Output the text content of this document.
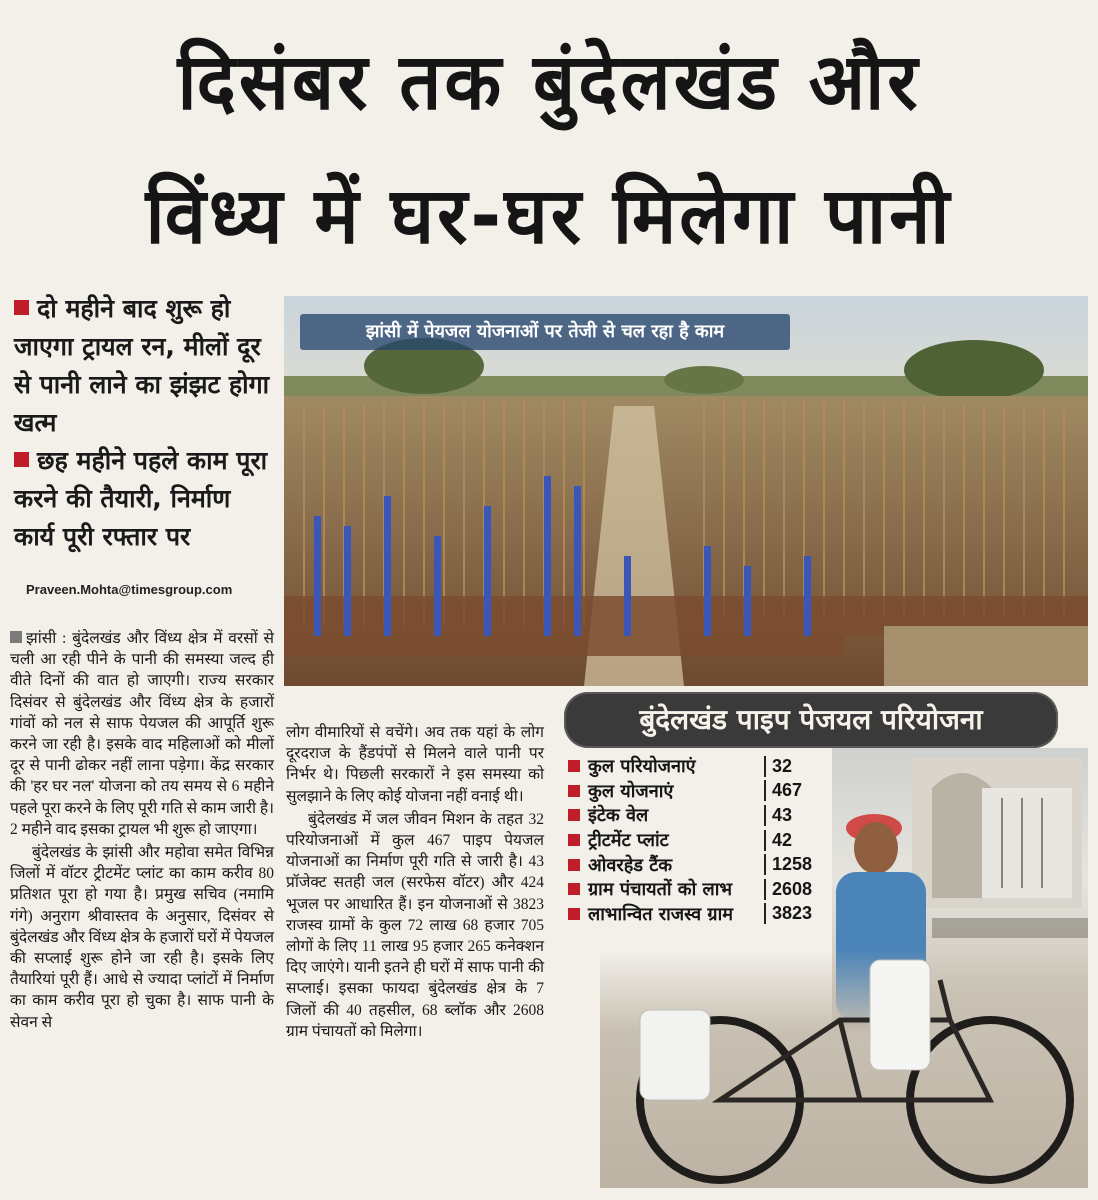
दिसंबर तक बुंदेलखंड और
विंध्य में घर-घर मिलेगा पानी
दो महीने बाद शुरू हो जाएगा ट्रायल रन, मीलों दूर से पानी लाने का झंझट होगा खत्म
छह महीने पहले काम पूरा करने की तैयारी, निर्माण कार्य पूरी रफ्तार पर
Praveen.Mohta@timesgroup.com

झांसी : बुंदेलखंड और विंध्य क्षेत्र में वरसों से चली आ रही पीने के पानी की समस्या जल्द ही वीते दिनों की वात हो जाएगी। राज्य सरकार दिसंवर से बुंदेलखंड और विंध्य क्षेत्र के हजारों गांवों को नल से साफ पेयजल की आपूर्ति शुरू करने जा रही है। इसके वाद महिलाओं को मीलों दूर से पानी ढोकर नहीं लाना पड़ेगा। केंद्र सरकार की 'हर घर नल' योजना को तय समय से 6 महीने पहले पूरा करने के लिए पूरी गति से काम जारी है। 2 महीने वाद इसका ट्रायल भी शुरू हो जाएगा।

बुंदेलखंड के झांसी और महोवा समेत विभिन्न जिलों में वॉटर ट्रीटमेंट प्लांट का काम करीव 80 प्रतिशत पूरा हो गया है। प्रमुख सचिव (नमामि गंगे) अनुराग श्रीवास्तव के अनुसार, दिसंवर से बुंदेलखंड और विंध्य क्षेत्र के हजारों घरों में पेयजल की सप्लाई शुरू होने जा रही है। इसके लिए तैयारियां पूरी हैं। आधे से ज्यादा प्लांटों में निर्माण का काम करीव पूरा हो चुका है। साफ पानी के सेवन से

लोग वीमारियों से वचेंगे। अव तक यहां के लोग दूरदराज के हैंडपंपों से मिलने वाले पानी पर निर्भर थे। पिछली सरकारों ने इस समस्या को सुलझाने के लिए कोई योजना नहीं वनाई थी।

बुंदेलखंड में जल जीवन मिशन के तहत 32 परियोजनाओं में कुल 467 पाइप पेयजल योजनाओं का निर्माण पूरी गति से जारी है। 43 प्रॉजेक्ट सतही जल (सरफेस वॉटर) और 424 भूजल पर आधारित हैं। इन योजनाओं से 3823 राजस्व ग्रामों के कुल 72 लाख 68 हजार 705 लोगों के लिए 11 लाख 95 हजार 265 कनेक्शन दिए जाएंगे। यानी इतने ही घरों में साफ पानी की सप्लाई। इसका फायदा बुंदेलखंड क्षेत्र के 7 जिलों की 40 तहसील, 68 ब्लॉक और 2608 ग्राम पंचायतों को मिलेगा।

झांसी में पेयजल योजनाओं पर तेजी से चल रहा है काम
बुंदेलखंड पाइप पेजयल परियोजना
कुल परियोजनाएं	32
कुल योजनाएं	467
इंटेक वेल	43
ट्रीटमेंट प्लांट	42
ओवरहेड टैंक	1258
ग्राम पंचायतों को लाभ	2608
लाभान्वित राजस्व ग्राम	3823
